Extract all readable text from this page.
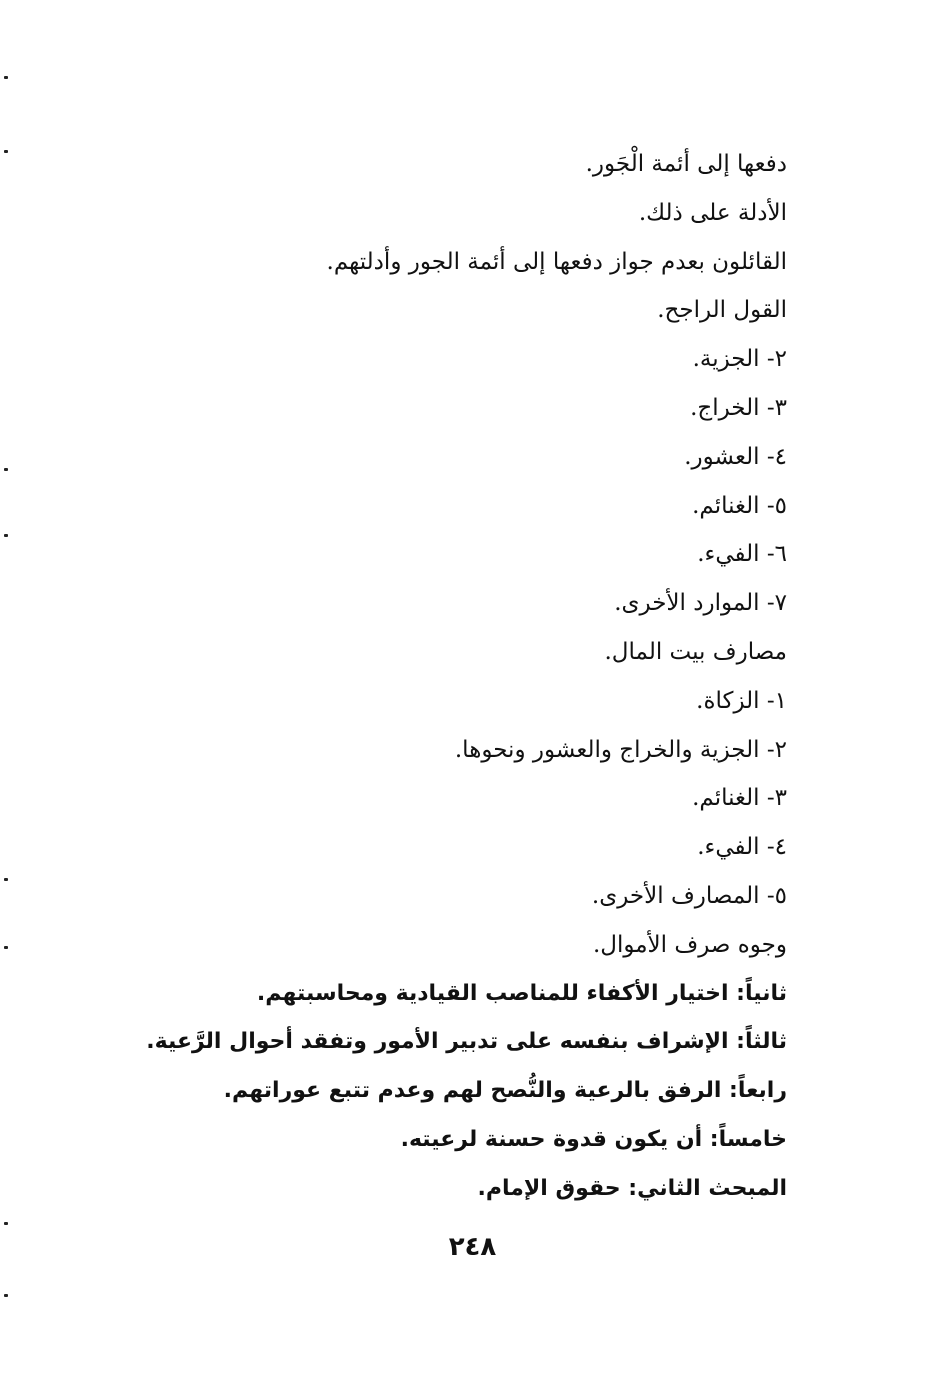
دفعها إلى أئمة الْجَور.
الأدلة على ذلك.
القائلون بعدم جواز دفعها إلى أئمة الجور وأدلتهم.
القول الراجح.
٢- الجزية.
٣- الخراج.
٤- العشور.
٥- الغنائم.
٦- الفيء.
٧- الموارد الأخرى.
مصارف بيت المال.
١- الزكاة.
٢- الجزية والخراج والعشور ونحوها.
٣- الغنائم.
٤- الفيء.
٥- المصارف الأخرى.
وجوه صرف الأموال.
ثانياً: اختيار الأكفاء للمناصب القيادية ومحاسبتهم.
ثالثاً: الإشراف بنفسه على تدبير الأمور وتفقد أحوال الرَّعية.
رابعاً: الرفق بالرعية والنُّصح لهم وعدم تتبع عوراتهم.
خامساً: أن يكون قدوة حسنة لرعيته.
المبحث الثاني: حقوق الإمام.
٢٤٨
